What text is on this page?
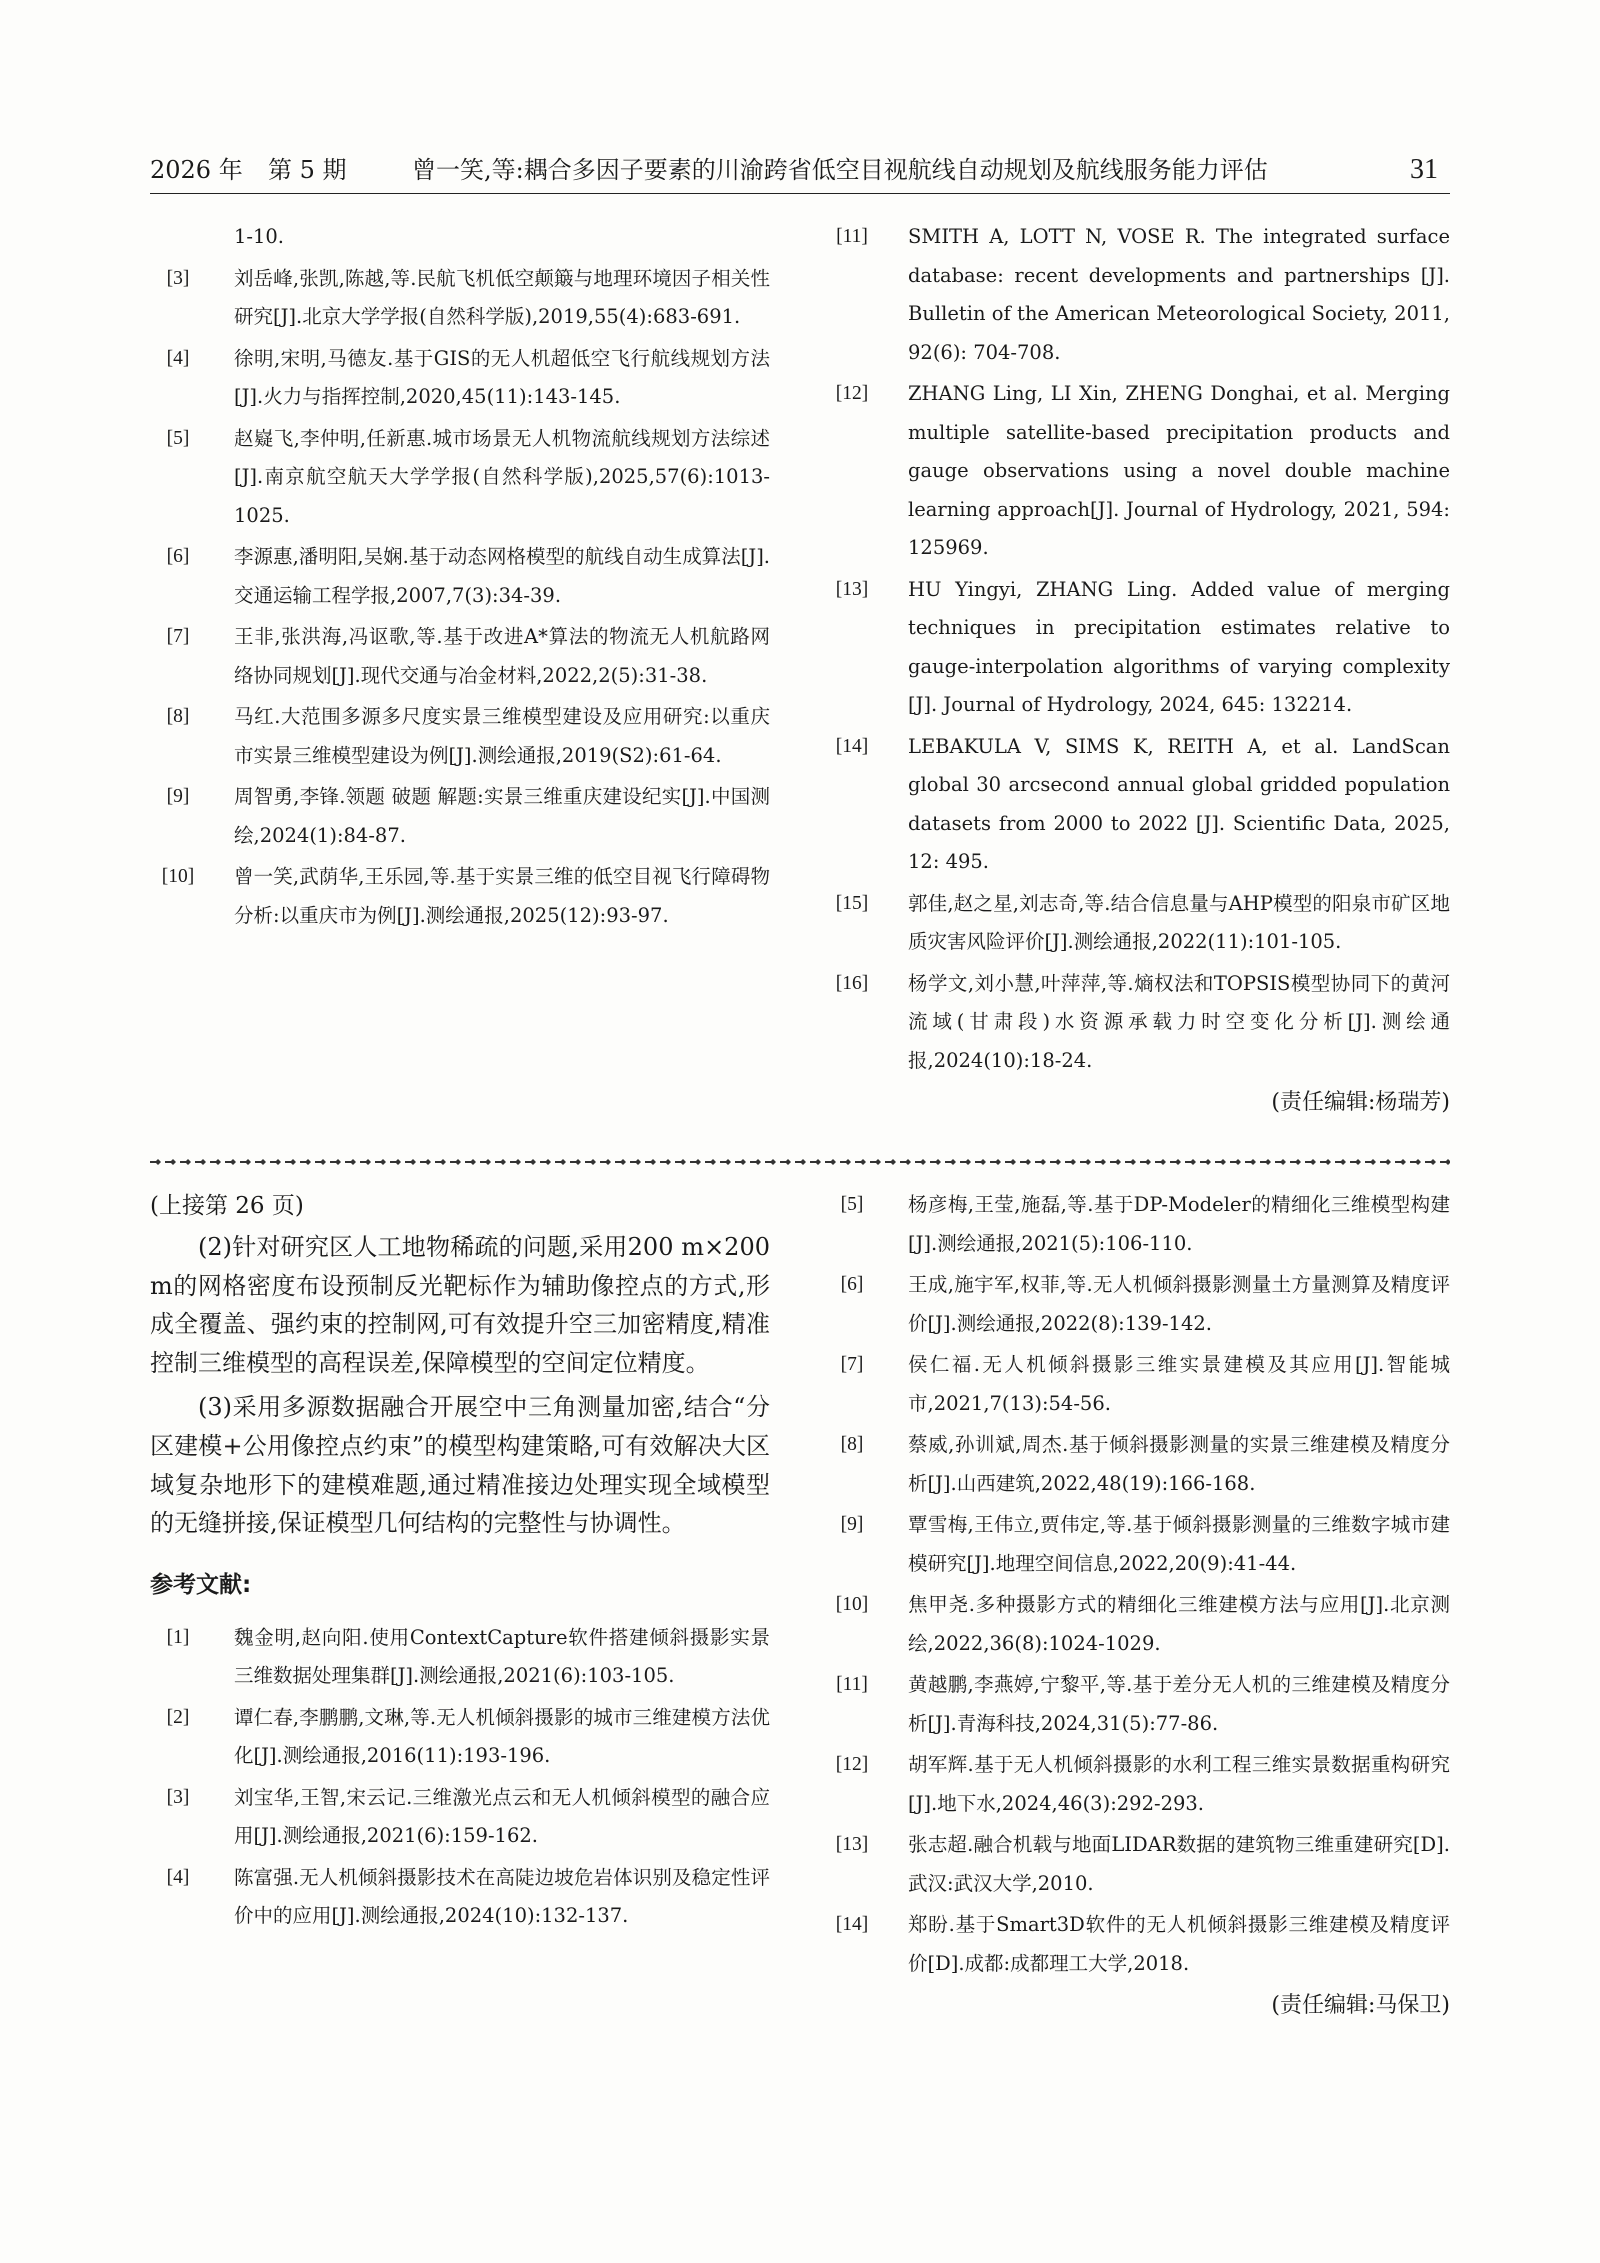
2026 年 第 5 期	曾一笑,等:耦合多因子要素的川渝跨省低空目视航线自动规划及航线服务能力评估	31
1-10.
[3]	刘岳峰,张凯,陈越,等.民航飞机低空颠簸与地理环境因子相关性研究[J].北京大学学报(自然科学版),2019,55(4):683-691.
[4]	徐明,宋明,马德友.基于GIS的无人机超低空飞行航线规划方法[J].火力与指挥控制,2020,45(11):143-145.
[5]	赵嶷飞,李仲明,任新惠.城市场景无人机物流航线规划方法综述[J].南京航空航天大学学报(自然科学版),2025,57(6):1013-1025.
[6]	李源惠,潘明阳,吴娴.基于动态网格模型的航线自动生成算法[J].交通运输工程学报,2007,7(3):34-39.
[7]	王非,张洪海,冯讴歌,等.基于改进A*算法的物流无人机航路网络协同规划[J].现代交通与冶金材料,2022,2(5):31-38.
[8]	马红.大范围多源多尺度实景三维模型建设及应用研究:以重庆市实景三维模型建设为例[J].测绘通报,2019(S2):61-64.
[9]	周智勇,李锋.领题 破题 解题:实景三维重庆建设纪实[J].中国测绘,2024(1):84-87.
[10]	曾一笑,武荫华,王乐园,等.基于实景三维的低空目视飞行障碍物分析:以重庆市为例[J].测绘通报,2025(12):93-97.
[11]	SMITH A, LOTT N, VOSE R. The integrated surface database: recent developments and partnerships [J]. Bulletin of the American Meteorological Society, 2011, 92(6): 704-708.
[12]	ZHANG Ling, LI Xin, ZHENG Donghai, et al. Merging multiple satellite-based precipitation products and gauge observations using a novel double machine learning approach[J]. Journal of Hydrology, 2021, 594: 125969.
[13]	HU Yingyi, ZHANG Ling. Added value of merging techniques in precipitation estimates relative to gauge-interpolation algorithms of varying complexity [J]. Journal of Hydrology, 2024, 645: 132214.
[14]	LEBAKULA V, SIMS K, REITH A, et al. LandScan global 30 arcsecond annual global gridded population datasets from 2000 to 2022 [J]. Scientific Data, 2025, 12: 495.
[15]	郭佳,赵之星,刘志奇,等.结合信息量与AHP模型的阳泉市矿区地质灾害风险评价[J].测绘通报,2022(11):101-105.
[16]	杨学文,刘小慧,叶萍萍,等.熵权法和TOPSIS模型协同下的黄河流域(甘肃段)水资源承载力时空变化分析[J].测绘通报,2024(10):18-24.
(责任编辑:杨瑞芳)
(上接第 26 页)

(2)针对研究区人工地物稀疏的问题,采用200 m×200 m的网格密度布设预制反光靶标作为辅助像控点的方式,形成全覆盖、强约束的控制网,可有效提升空三加密精度,精准控制三维模型的高程误差,保障模型的空间定位精度。

(3)采用多源数据融合开展空中三角测量加密,结合“分区建模+公用像控点约束”的模型构建策略,可有效解决大区域复杂地形下的建模难题,通过精准接边处理实现全域模型的无缝拼接,保证模型几何结构的完整性与协调性。

参考文献:
[1]	魏金明,赵向阳.使用ContextCapture软件搭建倾斜摄影实景三维数据处理集群[J].测绘通报,2021(6):103-105.
[2]	谭仁春,李鹏鹏,文琳,等.无人机倾斜摄影的城市三维建模方法优化[J].测绘通报,2016(11):193-196.
[3]	刘宝华,王智,宋云记.三维激光点云和无人机倾斜模型的融合应用[J].测绘通报,2021(6):159-162.
[4]	陈富强.无人机倾斜摄影技术在高陡边坡危岩体识别及稳定性评价中的应用[J].测绘通报,2024(10):132-137.
[5]	杨彦梅,王莹,施磊,等.基于DP-Modeler的精细化三维模型构建[J].测绘通报,2021(5):106-110.
[6]	王成,施宇军,权菲,等.无人机倾斜摄影测量土方量测算及精度评价[J].测绘通报,2022(8):139-142.
[7]	侯仁福.无人机倾斜摄影三维实景建模及其应用[J].智能城市,2021,7(13):54-56.
[8]	蔡威,孙训斌,周杰.基于倾斜摄影测量的实景三维建模及精度分析[J].山西建筑,2022,48(19):166-168.
[9]	覃雪梅,王伟立,贾伟定,等.基于倾斜摄影测量的三维数字城市建模研究[J].地理空间信息,2022,20(9):41-44.
[10]	焦甲尧.多种摄影方式的精细化三维建模方法与应用[J].北京测绘,2022,36(8):1024-1029.
[11]	黄越鹏,李燕婷,宁黎平,等.基于差分无人机的三维建模及精度分析[J].青海科技,2024,31(5):77-86.
[12]	胡军辉.基于无人机倾斜摄影的水利工程三维实景数据重构研究[J].地下水,2024,46(3):292-293.
[13]	张志超.融合机载与地面LIDAR数据的建筑物三维重建研究[D].武汉:武汉大学,2010.
[14]	郑盼.基于Smart3D软件的无人机倾斜摄影三维建模及精度评价[D].成都:成都理工大学,2018.
(责任编辑:马保卫)
